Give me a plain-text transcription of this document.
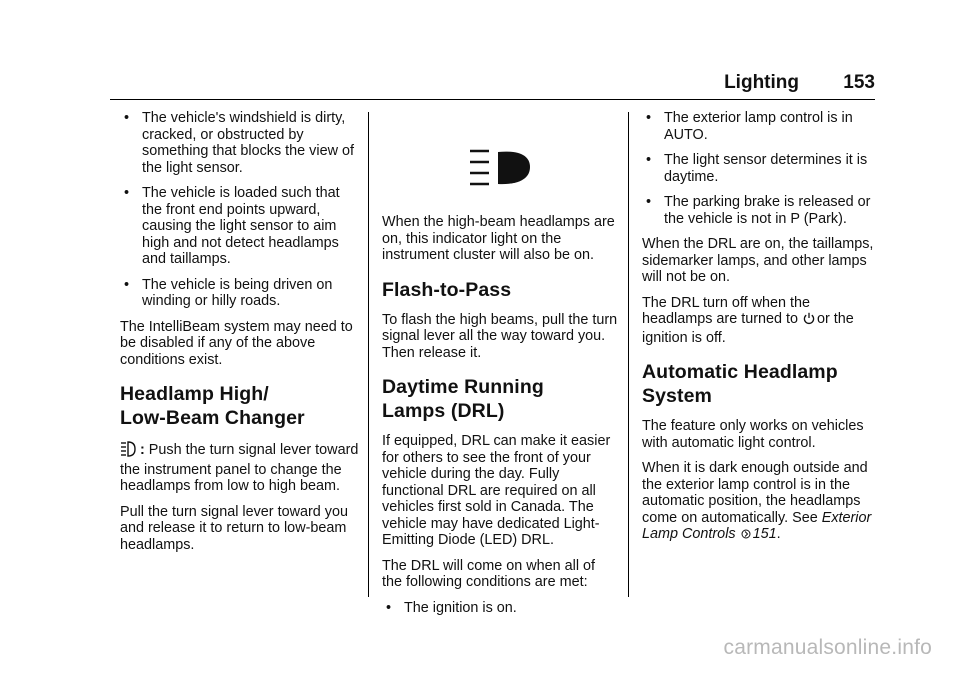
Lighting 153
• The vehicle's windshield is dirty, cracked, or obstructed by something that blocks the view of the light sensor.
• The vehicle is loaded such that the front end points upward, causing the light sensor to aim high and not detect headlamps and taillamps.
• The vehicle is being driven on winding or hilly roads.

The IntelliBeam system may need to be disabled if any of the above conditions exist.

Headlamp High/ Low-Beam Changer

: Push the turn signal lever toward the instrument panel to change the headlamps from low to high beam.

Pull the turn signal lever toward you and release it to return to low-beam headlamps.

When the high-beam headlamps are on, this indicator light on the instrument cluster will also be on.

Flash-to-Pass

To flash the high beams, pull the turn signal lever all the way toward you. Then release it.

Daytime Running Lamps (DRL)

If equipped, DRL can make it easier for others to see the front of your vehicle during the day. Fully functional DRL are required on all vehicles first sold in Canada. The vehicle may have dedicated Light-Emitting Diode (LED) DRL.

The DRL will come on when all of the following conditions are met:

• The ignition is on.
• The exterior lamp control is in AUTO.
• The light sensor determines it is daytime.
• The parking brake is released or the vehicle is not in P (Park).

When the DRL are on, the taillamps, sidemarker lamps, and other lamps will not be on.

The DRL turn off when the headlamps are turned to or the ignition is off.

Automatic Headlamp System

The feature only works on vehicles with automatic light control.

When it is dark enough outside and the exterior lamp control is in the automatic position, the headlamps come on automatically. See Exterior Lamp Controls 151.

carmanualsonline.info
